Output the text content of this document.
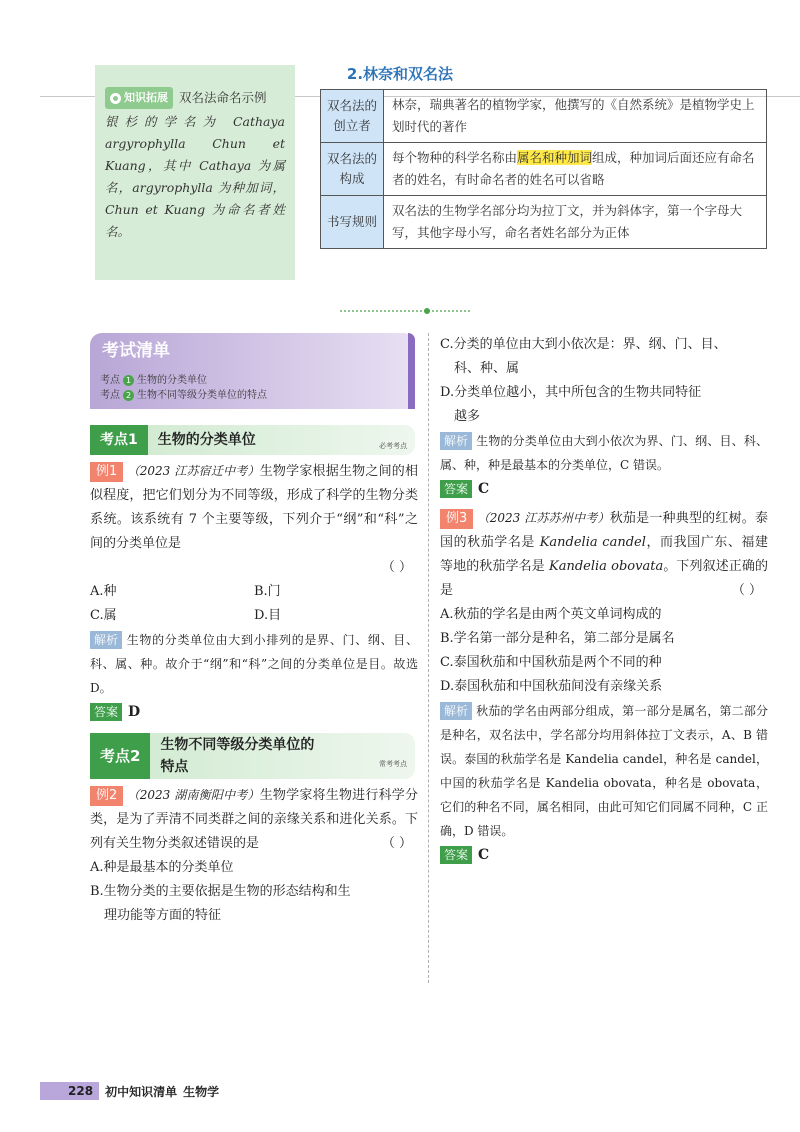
2.林奈和双名法
知识拓展 双名法命名示例
银杉的学名为 Cathaya argyrophylla Chun et Kuang，其中 Cathaya 为属名，argyrophylla 为种加词，Chun et Kuang 为命名者姓名。
双名法的创立者	林奈，瑞典著名的植物学家，他撰写的《自然系统》是植物学史上划时代的著作
双名法的构成	每个物种的科学名称由属名和种加词组成，种加词后面还应有命名者的姓名，有时命名者的姓名可以省略
书写规则	双名法的生物学名部分均为拉丁文，并为斜体字，第一个字母大写，其他字母小写，命名者姓名部分为正体
考试清单
考点 1 生物的分类单位
考点 2 生物不同等级分类单位的特点
考点1	生物的分类单位	必考考点
例1 （2023 江苏宿迁中考）生物学家根据生物之间的相似程度，把它们划分为不同等级，形成了科学的生物分类系统。该系统有 7 个主要等级，下列介于“纲”和“科”之间的分类单位是
（ ）
A.种	B.门
C.属	D.目
解析 生物的分类单位由大到小排列的是界、门、纲、目、科、属、种。故介于“纲”和“科”之间的分类单位是目。故选 D。
答案 D
考点2
生物不同等级分类单位的
特点	常考考点
例2 （2023 湖南衡阳中考）生物学家将生物进行科学分类，是为了弄清不同类群之间的亲缘关系和进化关系。下列有关生物分类叙述错误的是	（ ）
A.种是最基本的分类单位
B.生物分类的主要依据是生物的形态结构和生
理功能等方面的特征
C.分类的单位由大到小依次是：界、纲、门、目、
科、种、属
D.分类单位越小，其中所包含的生物共同特征
越多
解析 生物的分类单位由大到小依次为界、门、纲、目、科、属、种，种是最基本的分类单位，C 错误。
答案 C
例3 （2023 江苏苏州中考）秋茄是一种典型的红树。泰国的秋茄学名是 Kandelia candel，而我国广东、福建等地的秋茄学名是 Kandelia obovata。下列叙述正确的是	（ ）
A.秋茄的学名是由两个英文单词构成的
B.学名第一部分是种名，第二部分是属名
C.泰国秋茄和中国秋茄是两个不同的种
D.泰国秋茄和中国秋茄间没有亲缘关系
解析 秋茄的学名由两部分组成，第一部分是属名，第二部分是种名，双名法中，学名部分均用斜体拉丁文表示，A、B 错误。泰国的秋茄学名是 Kandelia candel，种名是 candel，中国的秋茄学名是 Kandelia obovata，种名是 obovata，它们的种名不同，属名相同，由此可知它们同属不同种，C 正确，D 错误。
答案 C
228	初中知识清单 生物学
